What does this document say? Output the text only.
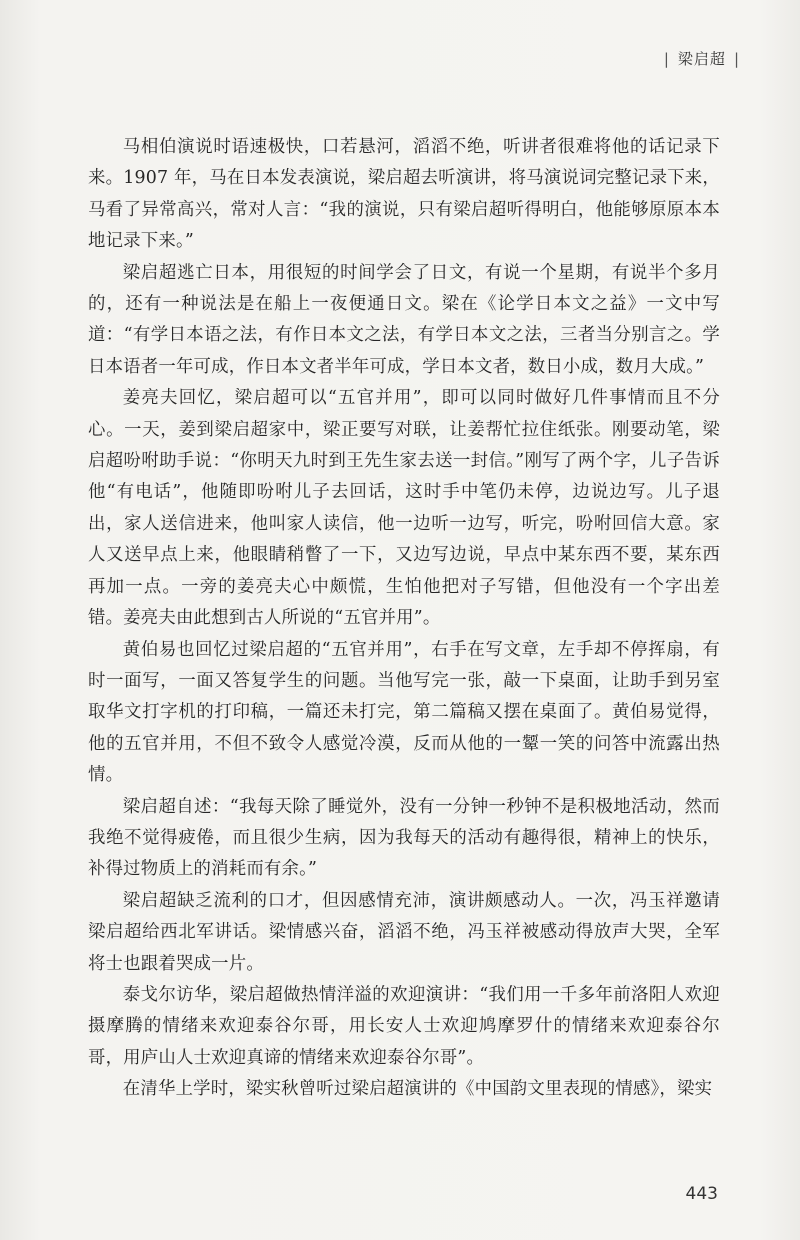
| 梁启超 |

马相伯演说时语速极快，口若悬河，滔滔不绝，听讲者很难将他的话记录下来。1907 年，马在日本发表演说，梁启超去听演讲，将马演说词完整记录下来，马看了异常高兴，常对人言：“我的演说，只有梁启超听得明白，他能够原原本本地记录下来。”

梁启超逃亡日本，用很短的时间学会了日文，有说一个星期，有说半个多月的，还有一种说法是在船上一夜便通日文。梁在《论学日本文之益》一文中写道：“有学日本语之法，有作日本文之法，有学日本文之法，三者当分别言之。学日本语者一年可成，作日本文者半年可成，学日本文者，数日小成，数月大成。”

姜亮夫回忆，梁启超可以“五官并用”，即可以同时做好几件事情而且不分心。一天，姜到梁启超家中，梁正要写对联，让姜帮忙拉住纸张。刚要动笔，梁启超吩咐助手说：“你明天九时到王先生家去送一封信。”刚写了两个字，儿子告诉他“有电话”，他随即吩咐儿子去回话，这时手中笔仍未停，边说边写。儿子退出，家人送信进来，他叫家人读信，他一边听一边写，听完，吩咐回信大意。家人又送早点上来，他眼睛稍瞥了一下，又边写边说，早点中某东西不要，某东西再加一点。一旁的姜亮夫心中颇慌，生怕他把对子写错，但他没有一个字出差错。姜亮夫由此想到古人所说的“五官并用”。

黄伯易也回忆过梁启超的“五官并用”，右手在写文章，左手却不停挥扇，有时一面写，一面又答复学生的问题。当他写完一张，敲一下桌面，让助手到另室取华文打字机的打印稿，一篇还未打完，第二篇稿又摆在桌面了。黄伯易觉得，他的五官并用，不但不致令人感觉冷漠，反而从他的一颦一笑的问答中流露出热情。

梁启超自述：“我每天除了睡觉外，没有一分钟一秒钟不是积极地活动，然而我绝不觉得疲倦，而且很少生病，因为我每天的活动有趣得很，精神上的快乐，补得过物质上的消耗而有余。”

梁启超缺乏流利的口才，但因感情充沛，演讲颇感动人。一次，冯玉祥邀请梁启超给西北军讲话。梁情感兴奋，滔滔不绝，冯玉祥被感动得放声大哭，全军将士也跟着哭成一片。

泰戈尔访华，梁启超做热情洋溢的欢迎演讲：“我们用一千多年前洛阳人欢迎摄摩腾的情绪来欢迎泰谷尔哥，用长安人士欢迎鸠摩罗什的情绪来欢迎泰谷尔哥，用庐山人士欢迎真谛的情绪来欢迎泰谷尔哥”。

在清华上学时，梁实秋曾听过梁启超演讲的《中国韵文里表现的情感》，梁实

443
